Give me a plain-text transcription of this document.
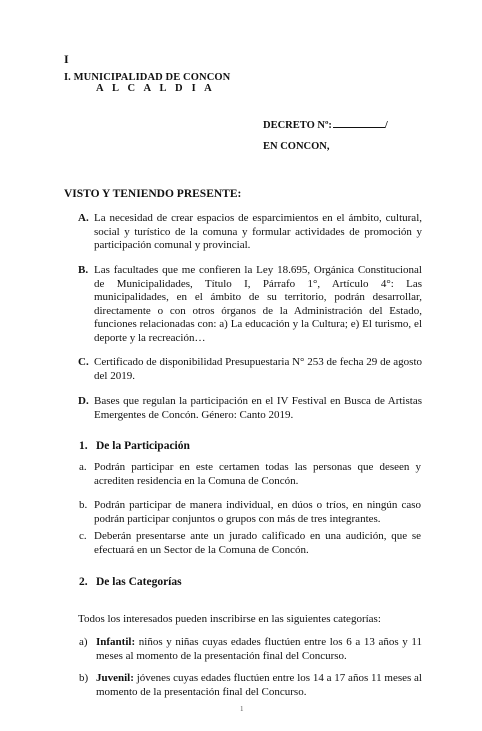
I
I. MUNICIPALIDAD DE CONCON
A L C A L D I A
DECRETO Nº:	/
EN CONCON,
VISTO Y TENIENDO PRESENTE:
A. La necesidad de crear espacios de esparcimientos en el ámbito, cultural, social y turístico de la comuna y formular actividades de promoción y participación comunal y provincial.
B. Las facultades que me confieren la Ley 18.695, Orgánica Constitucional de Municipalidades, Título I, Párrafo 1°, Artículo 4°: Las municipalidades, en el ámbito de su territorio, podrán desarrollar, directamente o con otros órganos de la Administración del Estado, funciones relacionadas con: a) La educación y la Cultura; e) El turismo, el deporte y la recreación…
C. Certificado de disponibilidad Presupuestaria N° 253 de fecha 29 de agosto del 2019.
D. Bases que regulan la participación en el IV Festival en Busca de Artistas Emergentes de Concón. Género: Canto 2019.
1. De la Participación
a. Podrán participar en este certamen todas las personas que deseen y acrediten residencia en la Comuna de Concón.
b. Podrán participar de manera individual, en dúos o tríos, en ningún caso podrán participar conjuntos o grupos con más de tres integrantes.
c. Deberán presentarse ante un jurado calificado en una audición, que se efectuará en un Sector de la Comuna de Concón.
2. De las Categorías
Todos los interesados pueden inscribirse en las siguientes categorías:
a) Infantil: niños y niñas cuyas edades fluctúen entre los 6 a 13 años y 11 meses al momento de la presentación final del Concurso.
b) Juvenil: jóvenes cuyas edades fluctúen entre los 14 a 17 años 11 meses al momento de la presentación final del Concurso.
1
